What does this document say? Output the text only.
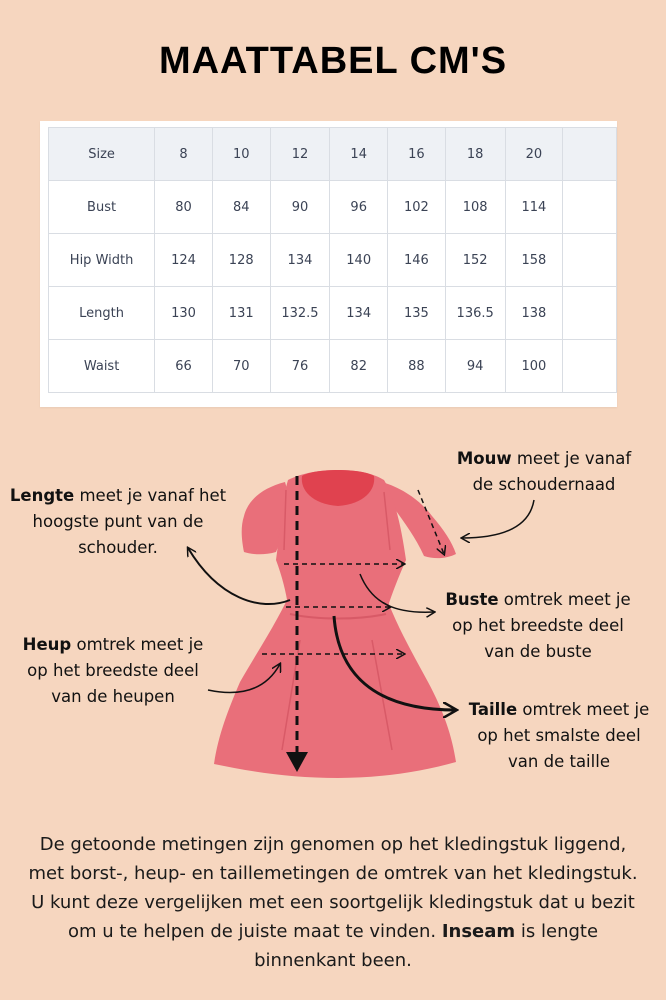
MAATTABEL CM'S
Size	8	10	12	14	16	18	20	
Bust	80	84	90	96	102	108	114	
Hip Width	124	128	134	140	146	152	158	
Length	130	131	132.5	134	135	136.5	138	
Waist	66	70	76	82	88	94	100	
Lengte meet je vanaf het
hoogste punt van de
schouder.
Mouw meet je vanaf
de schoudernaad
Buste omtrek meet je
op het breedste deel
van de buste
Heup omtrek meet je
op het breedste deel
van de heupen
Taille omtrek meet je
op het smalste deel
van de taille
De getoonde metingen zijn genomen op het kledingstuk liggend, met borst-, heup- en taillemetingen de omtrek van het kledingstuk. U kunt deze vergelijken met een soortgelijk kledingstuk dat u bezit om u te helpen de juiste maat te vinden. Inseam is lengte binnenkant been.
